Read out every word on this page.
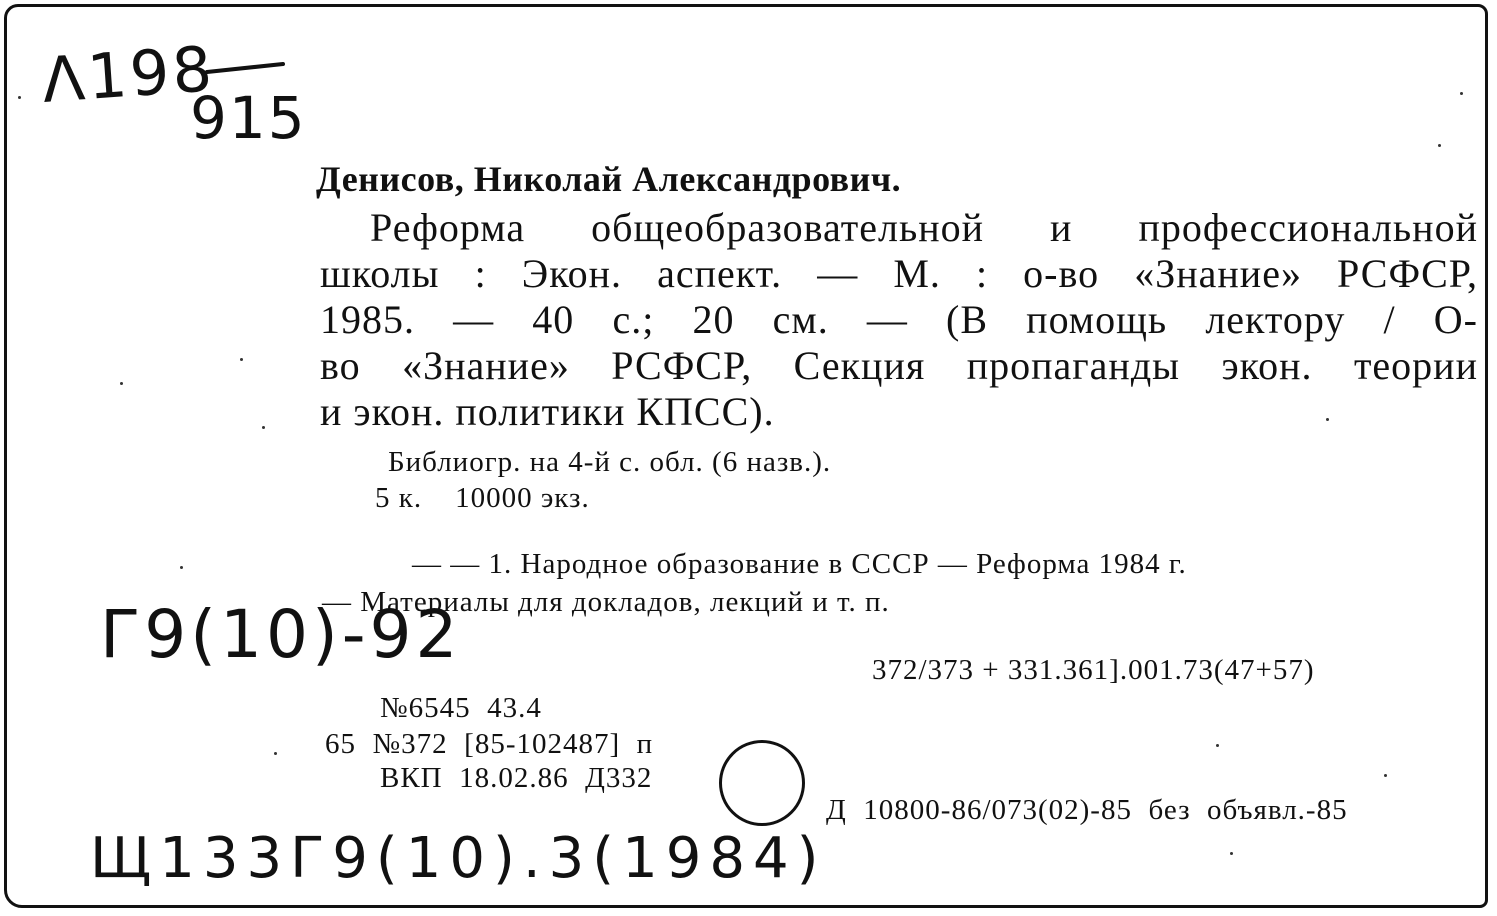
Λ198
915
Денисов, Николай Александрович.
Реформа общеобразовательной и профессиональной
школы : Экон. аспект. — М. : о-во «Знание» РСФСР,
1985. — 40 с.; 20 см. — (В помощь лектору / О-
во «Знание» РСФСР, Секция пропаганды экон. теории
и экон. политики КПСС).
Библиогр. на 4-й с. обл. (6 назв.).
5 к.    10000 экз.
— — 1. Народное образование в СССР — Реформа 1984 г.
— Материалы для докладов, лекций и т. п.
Г9(10)-92	372/373 + 331.361].001.73(47+57)
№6545  43.4
65  №372  [85-102487]  п
ВКП  18.02.86  Д332
Д  10800-86/073(02)-85  без  объявл.-85
Щ133Г9(10).3(1984)
